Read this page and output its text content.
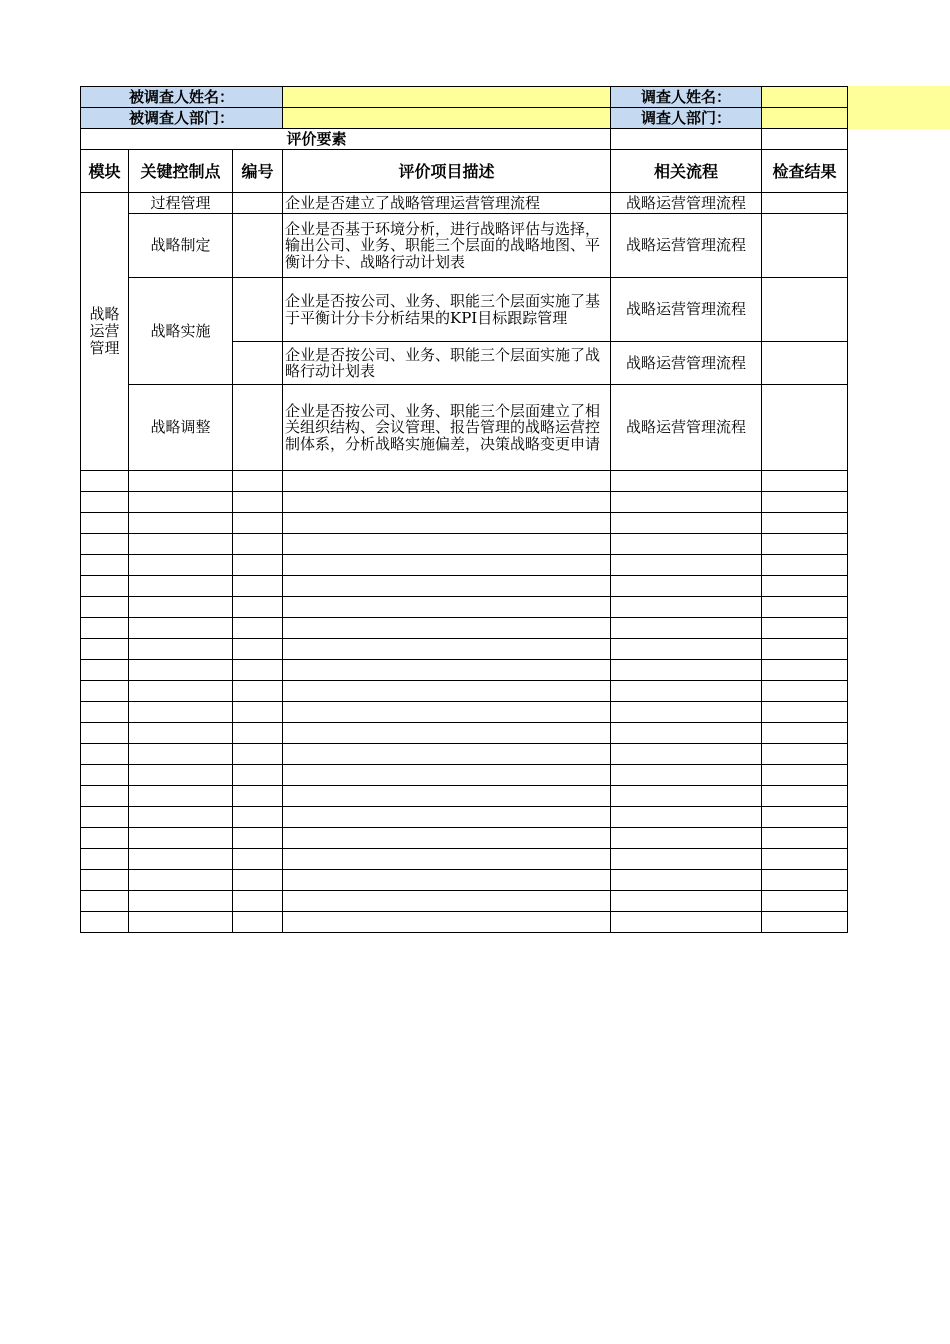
被调查人姓名：				调查人姓名：	
被调查人部门：				调查人部门：	
评价要素					
模块	关键控制点	编号	评价项目描述	相关流程	检查结果
战略运营管理	过程管理		企业是否建立了战略管理运营管理流程	战略运营管理流程	
	战略制定		企业是否基于环境分析，进行战略评估与选择，输出公司、业务、职能三个层面的战略地图、平衡计分卡、战略行动计划表	战略运营管理流程	
	战略实施		企业是否按公司、业务、职能三个层面实施了基于平衡计分卡分析结果的KPI目标跟踪管理	战略运营管理流程	
			企业是否按公司、业务、职能三个层面实施了战略行动计划表	战略运营管理流程	
	战略调整		企业是否按公司、业务、职能三个层面建立了相关组织结构、会议管理、报告管理的战略运营控制体系，分析战略实施偏差，决策战略变更申请	战略运营管理流程	
